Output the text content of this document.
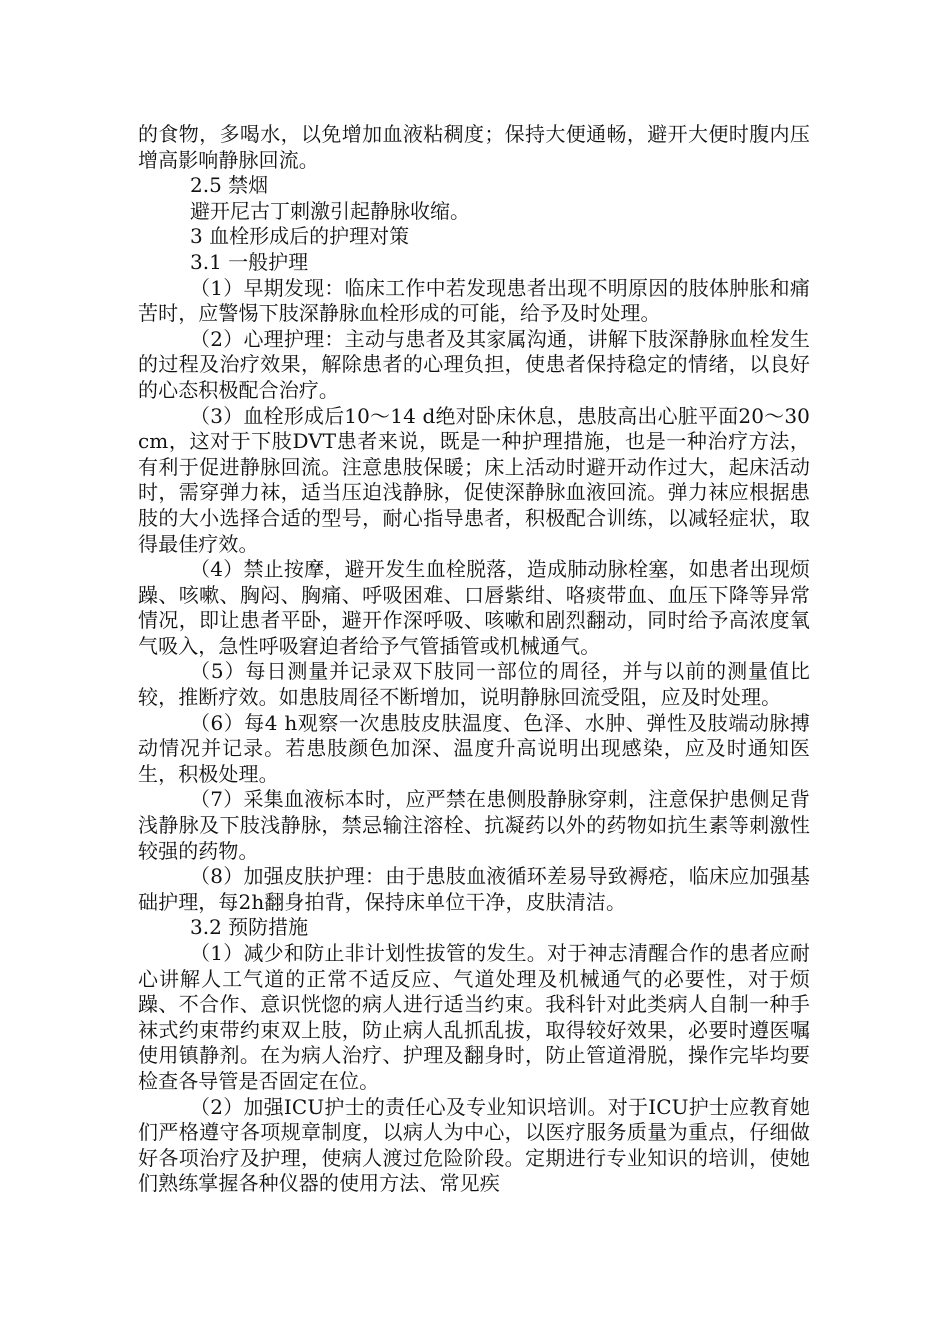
的食物，多喝水，以免增加血液粘稠度；保持大便通畅，避开大便时腹内压增高影响静脉回流。

2.5 禁烟

避开尼古丁刺激引起静脉收缩。

3 血栓形成后的护理对策

3.1 一般护理

（1）早期发现：临床工作中若发现患者出现不明原因的肢体肿胀和痛苦时，应警惕下肢深静脉血栓形成的可能，给予及时处理。

（2）心理护理：主动与患者及其家属沟通，讲解下肢深静脉血栓发生的过程及治疗效果，解除患者的心理负担，使患者保持稳定的情绪，以良好的心态积极配合治疗。

（3）血栓形成后10～14 d绝对卧床休息，患肢高出心脏平面20～30 cm，这对于下肢DVT患者来说，既是一种护理措施，也是一种治疗方法，有利于促进静脉回流。注意患肢保暖；床上活动时避开动作过大，起床活动时，需穿弹力袜，适当压迫浅静脉，促使深静脉血液回流。弹力袜应根据患肢的大小选择合适的型号，耐心指导患者，积极配合训练，以减轻症状，取得最佳疗效。

（4）禁止按摩，避开发生血栓脱落，造成肺动脉栓塞，如患者出现烦躁、咳嗽、胸闷、胸痛、呼吸困难、口唇紫绀、咯痰带血、血压下降等异常情况，即让患者平卧，避开作深呼吸、咳嗽和剧烈翻动，同时给予高浓度氧气吸入，急性呼吸窘迫者给予气管插管或机械通气。

（5）每日测量并记录双下肢同一部位的周径，并与以前的测量值比较，推断疗效。如患肢周径不断增加，说明静脉回流受阻，应及时处理。

（6）每4 h观察一次患肢皮肤温度、色泽、水肿、弹性及肢端动脉搏动情况并记录。若患肢颜色加深、温度升高说明出现感染，应及时通知医生，积极处理。

（7）采集血液标本时，应严禁在患侧股静脉穿刺，注意保护患侧足背浅静脉及下肢浅静脉，禁忌输注溶栓、抗凝药以外的药物如抗生素等刺激性较强的药物。

（8）加强皮肤护理：由于患肢血液循环差易导致褥疮，临床应加强基础护理，每2h翻身拍背，保持床单位干净，皮肤清洁。

3.2 预防措施

（1）减少和防止非计划性拔管的发生。对于神志清醒合作的患者应耐心讲解人工气道的正常不适反应、气道处理及机械通气的必要性，对于烦躁、不合作、意识恍惚的病人进行适当约束。我科针对此类病人自制一种手袜式约束带约束双上肢，防止病人乱抓乱拔，取得较好效果，必要时遵医嘱使用镇静剂。在为病人治疗、护理及翻身时，防止管道滑脱，操作完毕均要检查各导管是否固定在位。

（2）加强ICU护士的责任心及专业知识培训。对于ICU护士应教育她们严格遵守各项规章制度，以病人为中心，以医疗服务质量为重点，仔细做好各项治疗及护理，使病人渡过危险阶段。定期进行专业知识的培训，使她们熟练掌握各种仪器的使用方法、常见疾
